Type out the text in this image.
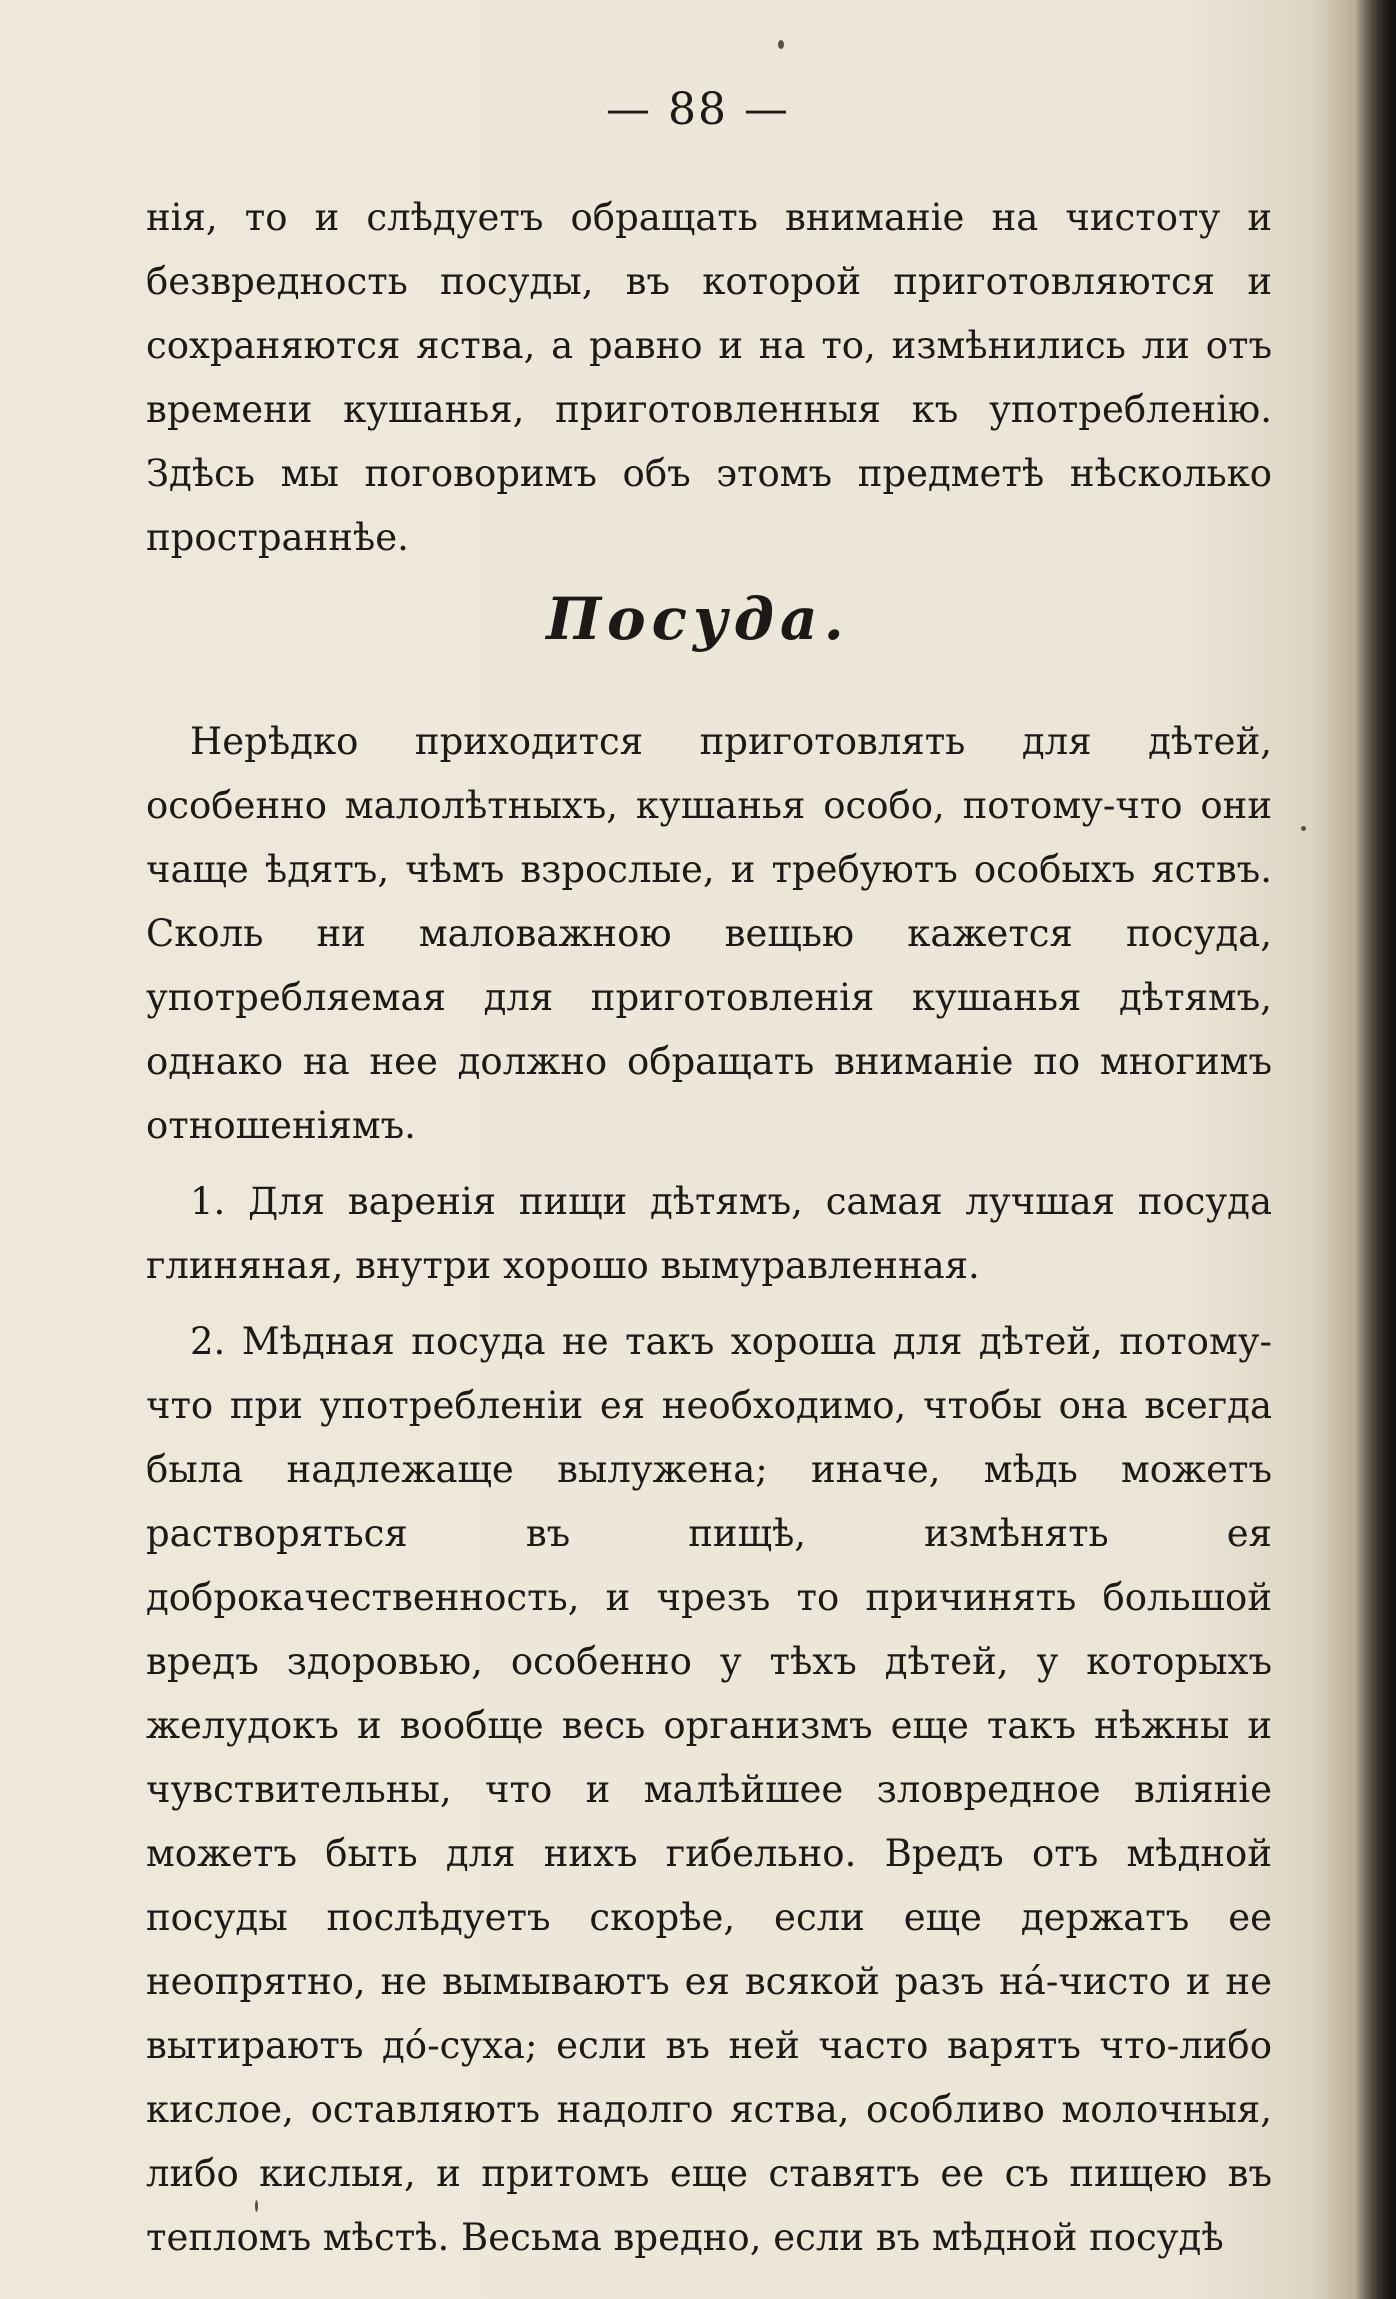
— 88 —

нія, то и слѣдуетъ обращать вниманіе на чистоту и безвредность посуды, въ которой приготовляются и сохраняются яства, а равно и на то, измѣнились ли отъ времени кушанья, приготовленныя къ употребленію. Здѣсь мы поговоримъ объ этомъ предметѣ нѣсколько пространнѣе.

Посуда.

Нерѣдко приходится приготовлять для дѣтей, особенно малолѣтныхъ, кушанья особо, потому-что они чаще ѣдятъ, чѣмъ взрослые, и требуютъ особыхъ яствъ. Сколь ни маловажною вещью кажется посуда, употребляемая для приготовленія кушанья дѣтямъ, однако на нее должно обращать вниманіе по многимъ отношеніямъ.

1. Для варенія пищи дѣтямъ, самая лучшая посуда глиняная, внутри хорошо вымуравленная.

2. Мѣдная посуда не такъ хороша для дѣтей, потому-что при употребленіи ея необходимо, чтобы она всегда была надлежаще вылужена; иначе, мѣдь можетъ растворяться въ пищѣ, измѣнять ея доброкачественность, и чрезъ то причинять большой вредъ здоровью, особенно у тѣхъ дѣтей, у которыхъ желудокъ и вообще весь организмъ еще такъ нѣжны и чувствительны, что и малѣйшее зловредное вліяніе можетъ быть для нихъ гибельно. Вредъ отъ мѣдной посуды послѣдуетъ скорѣе, если еще держатъ ее неопрятно, не вымываютъ ея всякой разъ на́-чисто и не вытираютъ до́-суха; если въ ней часто варятъ что-либо кислое, оставляютъ надолго яства, особливо молочныя, либо кислыя, и притомъ еще ставятъ ее съ пищею въ тепломъ мѣстѣ. Весьма вредно, если въ мѣдной посудѣ
